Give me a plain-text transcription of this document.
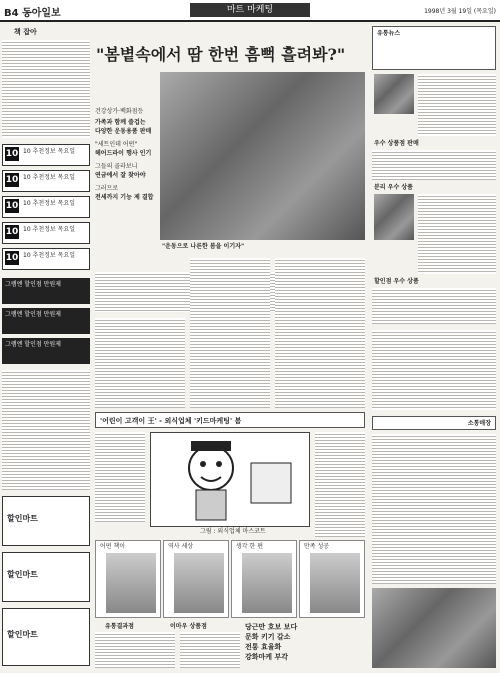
B4 동아일보	마트 마케팅	1998년 3월 19일 (목요일)
책 잡아
10 10 추천정보 목요일
10 10 추천정보 목요일
10 10 추천정보 목요일
10 10 추천정보 목요일
10 10 추천정보 목요일
그램엔 할인점 만원제
그램엔 할인점 만원제
그램엔 할인점 만원제
할인마트
할인마트
할인마트
"봄볕속에서 땀 한번 흠뻑 흘려봐?"
건강상가·백화점등
가족과 함께 즐겁는
다양한 운동용품 판매
"세트인데 어떤"
헤어드라이 행사 인기
그들의 골라보니
연금에서 잘 찾아야
그러므로
전세까지 기능 제 결합
"운동으로 나른한 봄을 이기자"
'어린이 고객이 王' - 외식업체 '키드마케팅' 봄
그림 : 외식업체 마스코트
어떤 책이	역사 세상	생각 한 편	만족 성공
유통결과점	이마우 상품점	당근만 호보 보다
문화 키기 갈소
전통 효율화
강화마케 부각
유통뉴스
우수 상품점 판매
분리 우수 상품
할인점 우수 상품
소통매장
